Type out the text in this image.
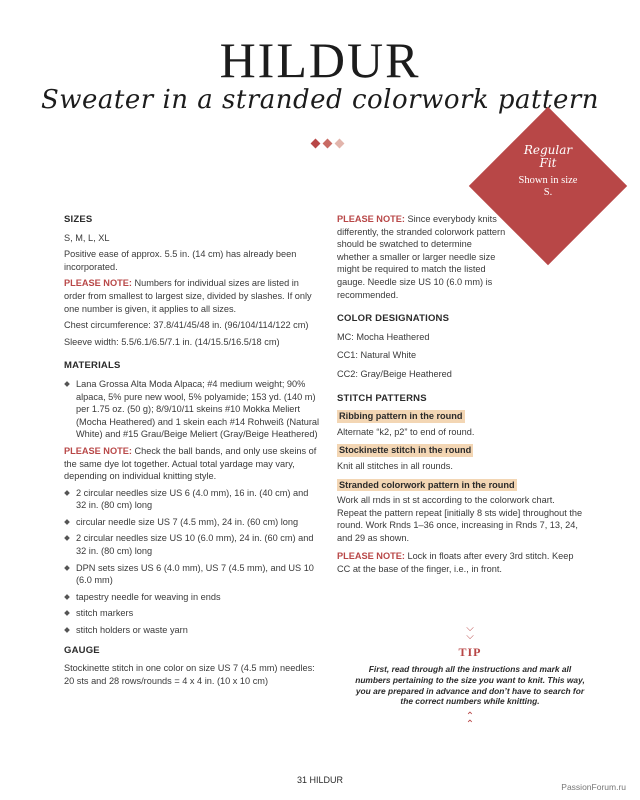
HILDUR
Sweater in a stranded colorwork pattern
Regular Fit
Shown in size S.
SIZES

S, M, L, XL

Positive ease of approx. 5.5 in. (14 cm) has already been incorporated.

PLEASE NOTE: Numbers for individual sizes are listed in order from smallest to largest size, divided by slashes. If only one number is given, it applies to all sizes.

Chest circumference: 37.8/41/45/48 in. (96/104/114/122 cm)

Sleeve width: 5.5/6.1/6.5/7.1 in. (14/15.5/16.5/18 cm)

MATERIALS
Lana Grossa Alta Moda Alpaca; #4 medium weight; 90% alpaca, 5% pure new wool, 5% polyamide; 153 yd. (140 m) per 1.75 oz. (50 g); 8/9/10/11 skeins #10 Mokka Meliert (Mocha Heathered) and 1 skein each #14 Rohweiß (Natural White) and #15 Grau/Beige Meliert (Gray/Beige Heathered)

PLEASE NOTE: Check the ball bands, and only use skeins of the same dye lot together. Actual total yardage may vary, depending on individual knitting style.

2 circular needles size US 6 (4.0 mm), 16 in. (40 cm) and 32 in. (80 cm) long
circular needle size US 7 (4.5 mm), 24 in. (60 cm) long
2 circular needles size US 10 (6.0 mm), 24 in. (60 cm) and 32 in. (80 cm) long
DPN sets sizes US 6 (4.0 mm), US 7 (4.5 mm), and US 10 (6.0 mm)
tapestry needle for weaving in ends
stitch markers
stitch holders or waste yarn
GAUGE

Stockinette stitch in one color on size US 7 (4.5 mm) needles: 20 sts and 28 rows/rounds = 4 x 4 in. (10 x 10 cm)

PLEASE NOTE: Since everybody knits differently, the stranded colorwork pattern should be swatched to determine whether a smaller or larger needle size might be required to match the listed gauge. Needle size US 10 (6.0 mm) is recommended.

COLOR DESIGNATIONS

MC: Mocha Heathered

CC1: Natural White

CC2: Gray/Beige Heathered

STITCH PATTERNS

Ribbing pattern in the round

Alternate “k2, p2” to end of round.

Stockinette stitch in the round

Knit all stitches in all rounds.

Stranded colorwork pattern in the round

Work all rnds in st st according to the colorwork chart. Repeat the pattern repeat [initially 8 sts wide] throughout the round. Work Rnds 1–36 once, increasing in Rnds 7, 13, 24, and 29 as shown.

PLEASE NOTE: Lock in floats after every 3rd stitch. Keep CC at the base of the finger, i.e., in front.

⌵
⌵
TIP
First, read through all the instructions and mark all numbers pertaining to the size you want to knit. This way, you are prepared in advance and don’t have to search for the correct numbers while knitting.
⌃
⌃
31 HILDUR
PassionForum.ru
